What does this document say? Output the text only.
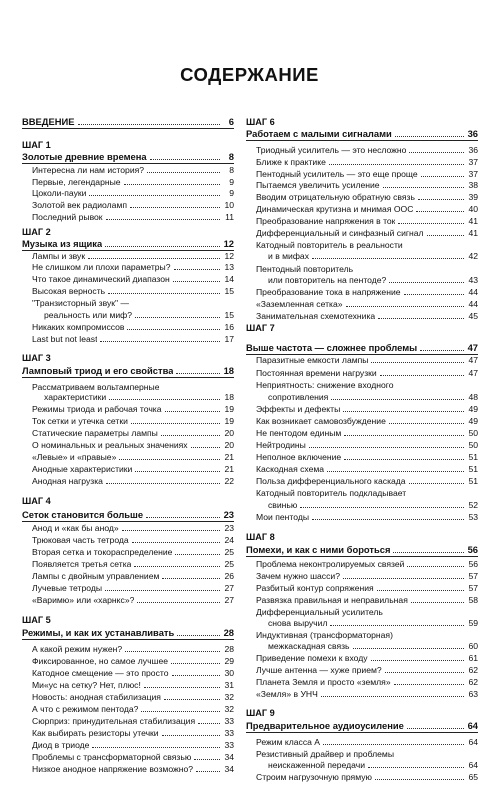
СОДЕРЖАНИЕ
ВВЕДЕНИЕ	6
ШАГ 1
Золотые древние времена	8
Интересна ли нам история?	8
Первые, легендарные	9
Цоколи-пауки	9
Золотой век радиоламп	10
Последний рывок	11
ШАГ 2
Музыка из ящика	12
Лампы и звук	12
Не слишком ли плохи параметры?	13
Что такое динамический диапазон	14
Высокая верность	15
"Транзисторный звук" —
реальность или миф?	15
Никаких компромиссов	16
Last but not least	17
ШАГ 3
Ламповый триод и его свойства	18
Рассматриваем вольтамперные
характеристики	18
Режимы триода и рабочая точка	19
Ток сетки и утечка сетки	19
Статические параметры лампы	20
О номинальных и реальных значениях	20
«Левые» и «правые»	21
Анодные характеристики	21
Анодная нагрузка	22
ШАГ 4
Сеток становится больше	23
Анод и «как бы анод»	23
Трюковая часть тетрода	24
Вторая сетка и токораспределение	25
Появляется третья сетка	25
Лампы с двойным управлением	26
Лучевые тетроды	27
«Варимю» или «харнкс»?	27
ШАГ 5
Режимы, и как их устанавливать	28
А какой режим нужен?	28
Фиксированное, но самое лучшее	29
Катодное смещение — это просто	30
Ми«ус на сетку? Нет, плюс!	31
Новость: анодная стабилизация	32
А что с режимом пентода?	32
Сюрприз: принудительная стабилизация	33
Как выбирать резисторы утечки	33
Диод в триоде	33
Проблемы с трансформаторной связью	34
Низкое анодное напряжение возможно?	34
ШАГ 6
Работаем с малыми сигналами	36
Триодный усилитель — это несложно	36
Ближе к практике	37
Пентодный усилитель — это еще проще	37
Пытаемся увеличить усиление	38
Вводим отрицательную обратную связь	39
Динамическая крутизна и мнимая ООС	40
Преобразование напряжения в ток	41
Дифференциальный и синфазный сигнал	41
Катодный повторитель в реальности
и в мифах	42
Пентодный повторитель
или повторитель на пентоде?	43
Преобразование тока в напряжение	44
«Заземленная сетка»	44
Занимательная схемотехника	45
ШАГ 7
Выше частота — сложнее проблемы	47
Паразитные емкости лампы	47
Постоянная времени нагрузки	47
Неприятность: снижение входного
сопротивления	48
Эффекты и дефекты	49
Как возникает самовозбуждение	49
Не пентодом единым	50
Нейтродины	50
Неполное включение	51
Каскодная схема	51
Польза дифференциального каскада	51
Катодный повторитель подкладывает
свинью	52
Мои пентоды	53
ШАГ 8
Помехи, и как с ними бороться	56
Проблема неконтролируемых связей	56
Зачем нужно шасси?	57
Разбитый контур сопряжения	57
Развязка правильная и неправильная	58
Дифференциальный усилитель
снова выручил	59
Индуктивная (трансформаторная)
межкаскадная связь	60
Приведение помехи к входу	61
Лучше антенна — хуже прием?	62
Планета Земля и просто «земля»	62
«Земля» в УНЧ	63
ШАГ 9
Предварительное аудиоусиление	64
Режим класса А	64
Резистивный драйвер и проблемы
неискаженной передачи	64
Строим нагрузочную прямую	65
